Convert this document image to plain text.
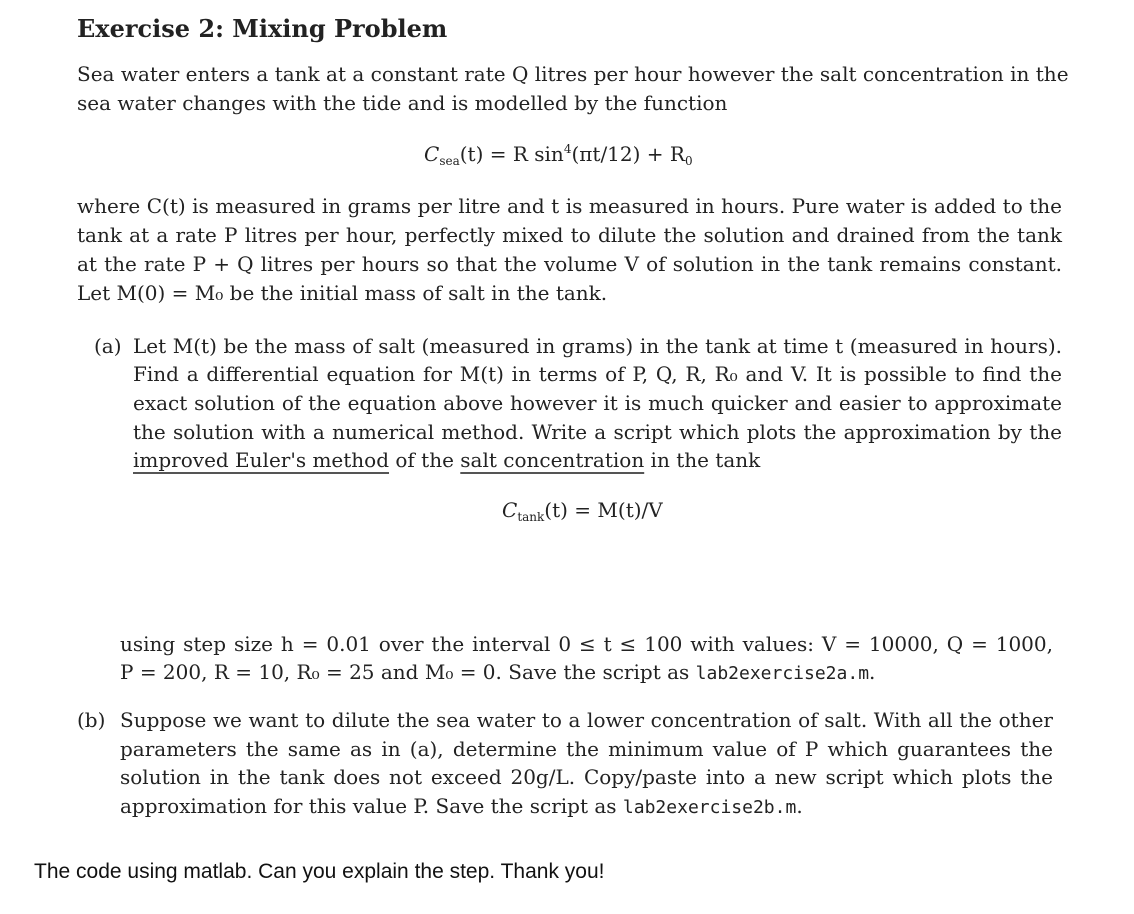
Exercise 2: Mixing Problem

Sea water enters a tank at a constant rate Q litres per hour however the salt concentration in the

sea water changes with the tide and is modelled by the function

$C_{sea}(t) = R$ $\sin^4(\pi t/12) + R_0$

where C(t) is measured in grams per litre and t is measured in hours. Pure water is added to the

tank at a rate P litres per hour, perfectly mixed to dilute the solution and drained from the tank

at the rate P + Q litres per hours so that the volume V of solution in the tank remains constant.

Let M(0) = M₀ be the initial mass of salt in the tank.

(a) Let M(t) be the mass of salt (measured in grams) in the tank at time t (measured in hours).

Find a differential equation for M(t) in terms of P, Q, R, R₀ and V. It is possible to find the

exact solution of the equation above however it is much quicker and easier to approximate

the solution with a numerical method. Write a script which plots the approximation by the

improved Euler's method of the salt concentration in the tank

$C_{tank}(t) = M(t)/V$

using step size h = 0.01 over the interval 0 ≤ t ≤ 100 with values: V = 10000, Q = 1000,

P = 200, R = 10, R₀ = 25 and M₀ = 0. Save the script as lab2exercise2a.m.

(b) Suppose we want to dilute the sea water to a lower concentration of salt. With all the other

parameters the same as in (a), determine the minimum value of P which guarantees the

solution in the tank does not exceed 20g/L. Copy/paste into a new script which plots the

approximation for this value P. Save the script as lab2exercise2b.m.

The code using matlab. Can you explain the step. Thank you!
